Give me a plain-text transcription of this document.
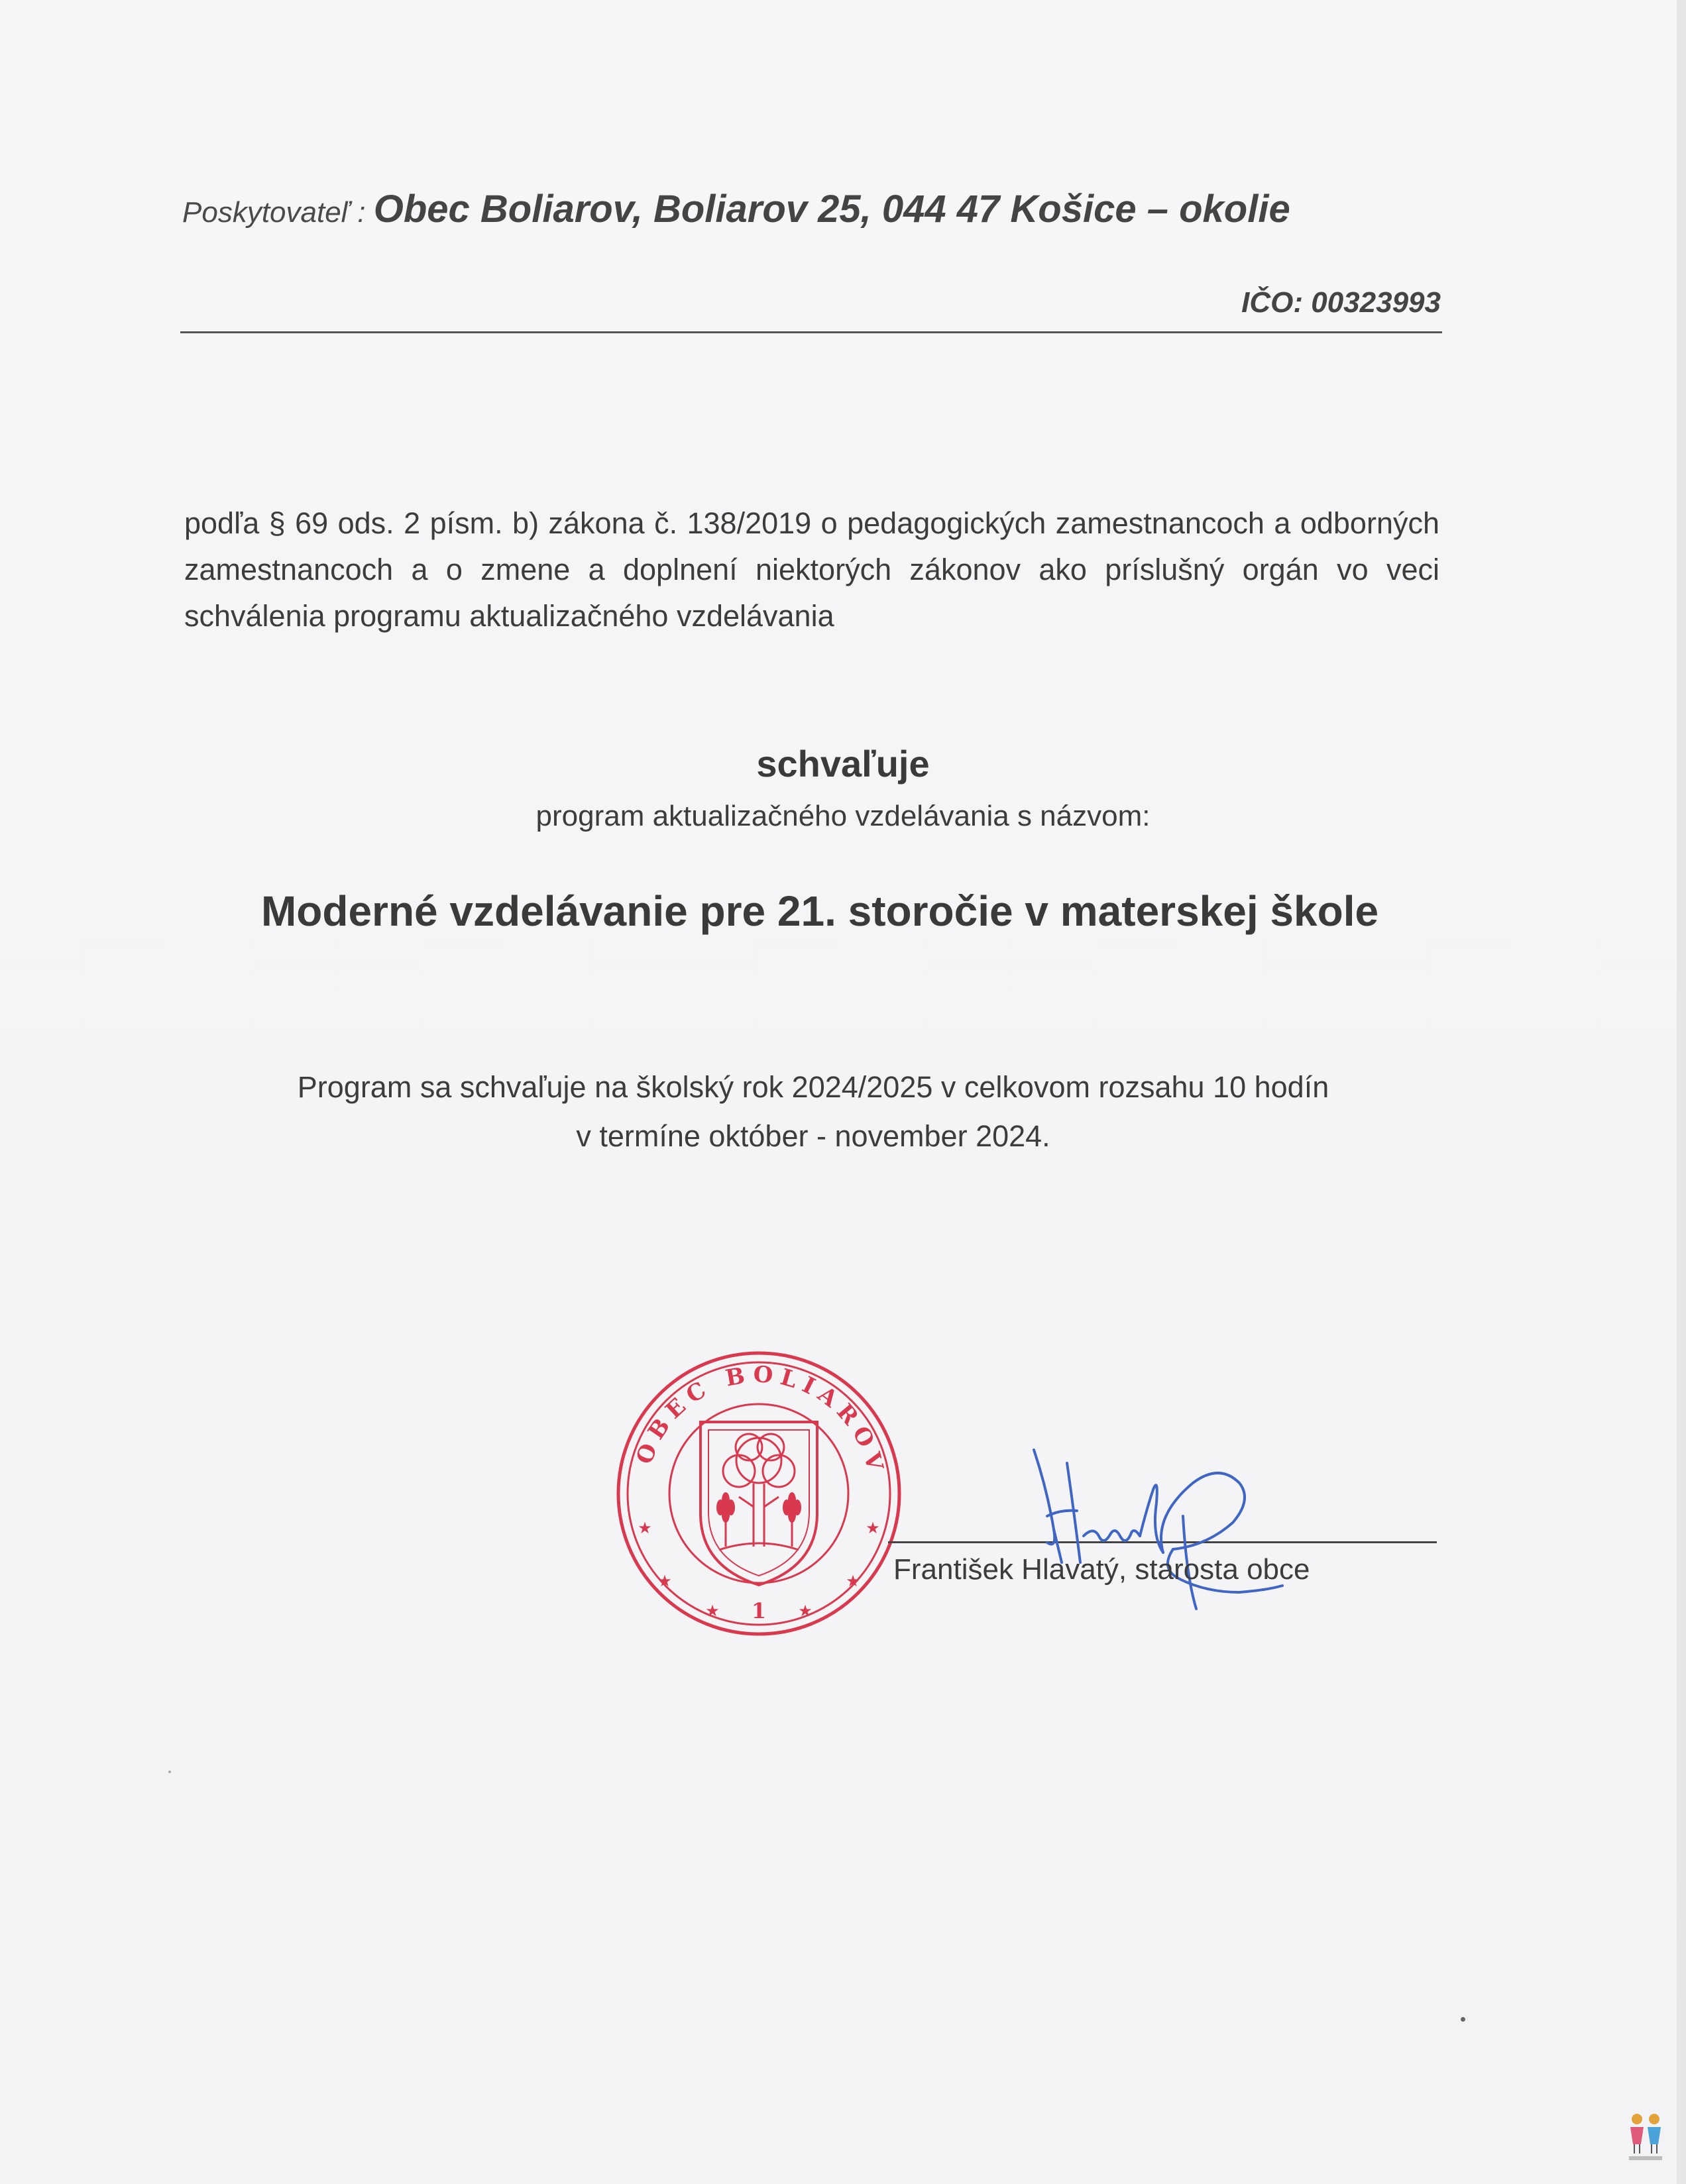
Poskytovateľ : Obec Boliarov, Boliarov 25, 044 47 Košice – okolie
IČO: 00323993
podľa § 69 ods. 2 písm. b) zákona č. 138/2019 o pedagogických zamestnancoch a odborných zamestnancoch a o zmene a doplnení niektorých zákonov ako príslušný orgán vo veci schválenia programu aktualizačného vzdelávania
schvaľuje
program aktualizačného vzdelávania s názvom:
Moderné vzdelávanie pre 21. storočie v materskej škole
Program sa schvaľuje na školský rok 2024/2025 v celkovom rozsahu 10 hodín
v termíne október - november 2024.
OBEC BOLIAROV
1
★	★
★	★
★	★
František Hlavatý, starosta obce
